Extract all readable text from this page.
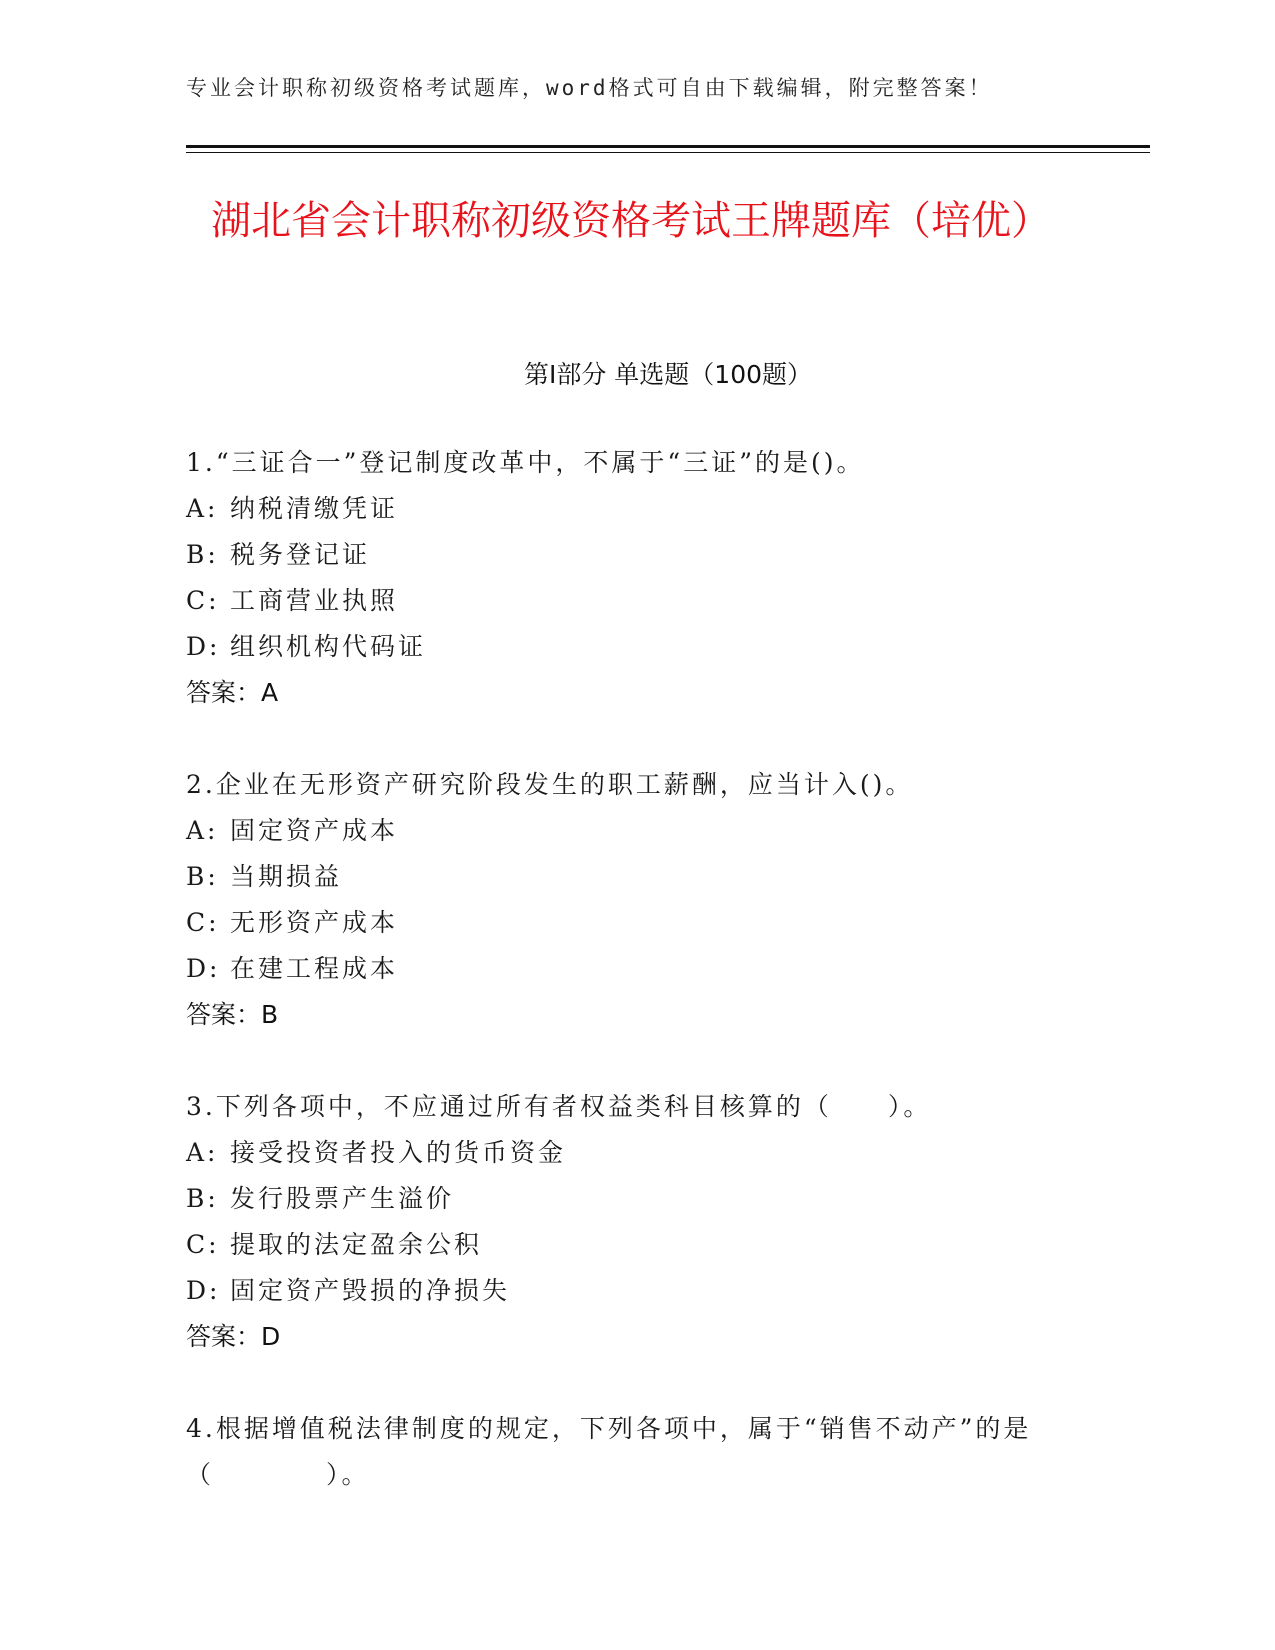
专业会计职称初级资格考试题库，word格式可自由下载编辑，附完整答案！
湖北省会计职称初级资格考试王牌题库（培优）
第Ⅰ部分 单选题（100题）
1.“三证合一”登记制度改革中，不属于“三证”的是()。
A: 纳税清缴凭证
B: 税务登记证
C: 工商营业执照
D: 组织机构代码证
答案：A
2.企业在无形资产研究阶段发生的职工薪酬，应当计入()。
A: 固定资产成本
B: 当期损益
C: 无形资产成本
D: 在建工程成本
答案：B
3.下列各项中，不应通过所有者权益类科目核算的（　　）。
A: 接受投资者投入的货币资金
B: 发行股票产生溢价
C: 提取的法定盈余公积
D: 固定资产毁损的净损失
答案：D
4.根据增值税法律制度的规定，下列各项中，属于“销售不动产”的是（　　　　）。
